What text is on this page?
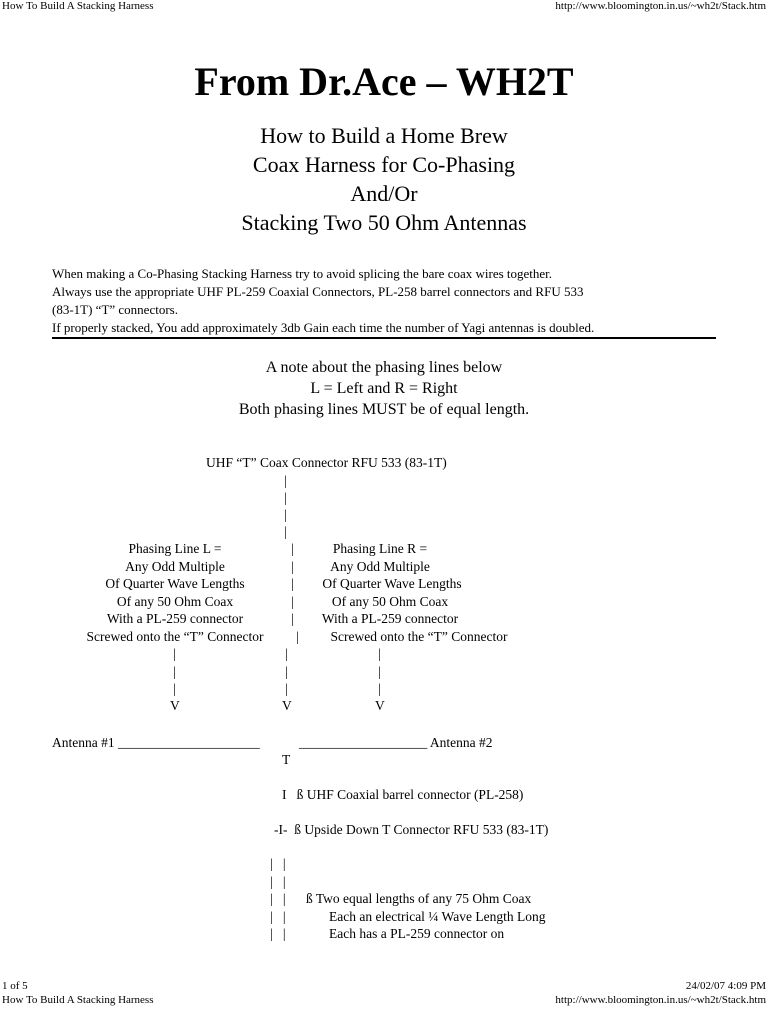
How To Build A Stacking Harness	http://www.bloomington.in.us/~wh2t/Stack.htm
From Dr.Ace – WH2T
How to Build a Home Brew
Coax Harness for Co-Phasing
And/Or
Stacking Two 50 Ohm Antennas
When making a Co-Phasing Stacking Harness try to avoid splicing the bare coax wires together.
Always use the appropriate UHF PL-259 Coaxial Connectors, PL-258 barrel connectors and RFU 533
(83-1T) “T” connectors.
If properly stacked, You add approximately 3db Gain each time the number of Yagi antennas is doubled.
A note about the phasing lines below
L = Left and R = Right
Both phasing lines MUST be of equal length.
UHF “T” Coax Connector RFU 533 (83-1T)
|
|
|
|
Phasing Line L =
Any Odd Multiple
Of Quarter Wave Lengths
Of any 50 Ohm Coax
With a PL-259 connector
Screwed onto the “T” Connector
|
|
|
|
|
|
Phasing Line R =
Any Odd Multiple
Of Quarter Wave Lengths
Of any 50 Ohm Coax
With a PL-259 connector
Screwed onto the “T” Connector
|
|
|
V
|
|
|
V
|
|
|
V
Antenna #1 _____________________	___________________ Antenna #2
T
I   ß UHF Coaxial barrel connector (PL-258)
-I-  ß Upside Down T Connector RFU 533 (83-1T)
|   |
|   |
|   |
|   |
|   |
ß Two equal lengths of any 75 Ohm Coax
Each an electrical ¼ Wave Length Long
Each has a PL-259 connector on
1 of 5	24/02/07 4:09 PM
How To Build A Stacking Harness	http://www.bloomington.in.us/~wh2t/Stack.htm
